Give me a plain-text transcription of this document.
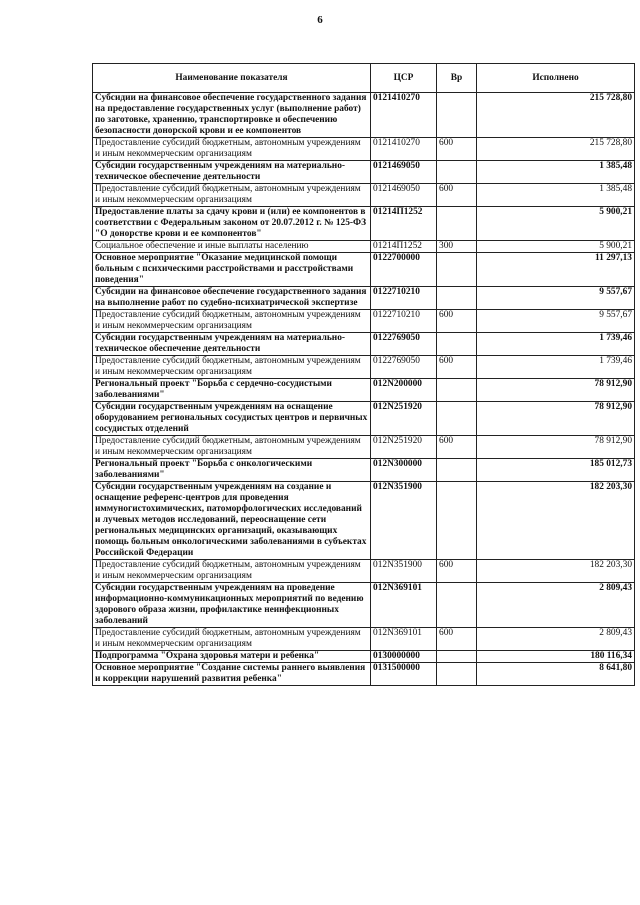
6
Наименование показателя	ЦСР	Вр	Исполнено
Субсидии на финансовое обеспечение государственного задания на предоставление государственных услуг (выполнение работ) по заготовке, хранению, транспортировке и обеспечению безопасности донорской крови и ее компонентов	0121410270		215 728,80
Предоставление субсидий бюджетным, автономным учреждениям и иным некоммерческим организациям	0121410270	600	215 728,80
Субсидии государственным учреждениям на материально-техническое обеспечение деятельности	0121469050		1 385,48
Предоставление субсидий бюджетным, автономным учреждениям и иным некоммерческим организациям	0121469050	600	1 385,48
Предоставление платы за сдачу крови и (или) ее компонентов в соответствии с Федеральным законом от 20.07.2012 г. № 125-ФЗ "О донорстве крови и ее компонентов"	01214П1252		5 900,21
Социальное обеспечение и иные выплаты населению	01214П1252	300	5 900,21
Основное мероприятие "Оказание медицинской помощи больным с психическими расстройствами и расстройствами поведения"	0122700000		11 297,13
Субсидии на финансовое обеспечение государственного задания на выполнение работ по судебно-психиатрической экспертизе	0122710210		9 557,67
Предоставление субсидий бюджетным, автономным учреждениям и иным некоммерческим организациям	0122710210	600	9 557,67
Субсидии государственным учреждениям на материально-техническое обеспечение деятельности	0122769050		1 739,46
Предоставление субсидий бюджетным, автономным учреждениям и иным некоммерческим организациям	0122769050	600	1 739,46
Региональный проект "Борьба с сердечно-сосудистыми заболеваниями"	012N200000		78 912,90
Субсидии государственным учреждениям на оснащение оборудованием региональных сосудистых центров и первичных сосудистых отделений	012N251920		78 912,90
Предоставление субсидий бюджетным, автономным учреждениям и иным некоммерческим организациям	012N251920	600	78 912,90
Региональный проект "Борьба с онкологическими заболеваниями"	012N300000		185 012,73
Субсидии государственным учреждениям на создание и оснащение референс-центров для проведения иммуногистохимических, патоморфологических исследований и лучевых методов исследований, переоснащение сети региональных медицинских организаций, оказывающих помощь больным онкологическими заболеваниями в субъектах Российской Федерации	012N351900		182 203,30
Предоставление субсидий бюджетным, автономным учреждениям и иным некоммерческим организациям	012N351900	600	182 203,30
Субсидии государственным учреждениям на проведение информационно-коммуникационных мероприятий по ведению здорового образа жизни, профилактике неинфекционных заболеваний	012N369101		2 809,43
Предоставление субсидий бюджетным, автономным учреждениям и иным некоммерческим организациям	012N369101	600	2 809,43
Подпрограмма "Охрана здоровья матери и ребенка"	0130000000		180 116,34
Основное мероприятие "Создание системы раннего выявления и коррекции нарушений развития ребенка"	0131500000		8 641,80
